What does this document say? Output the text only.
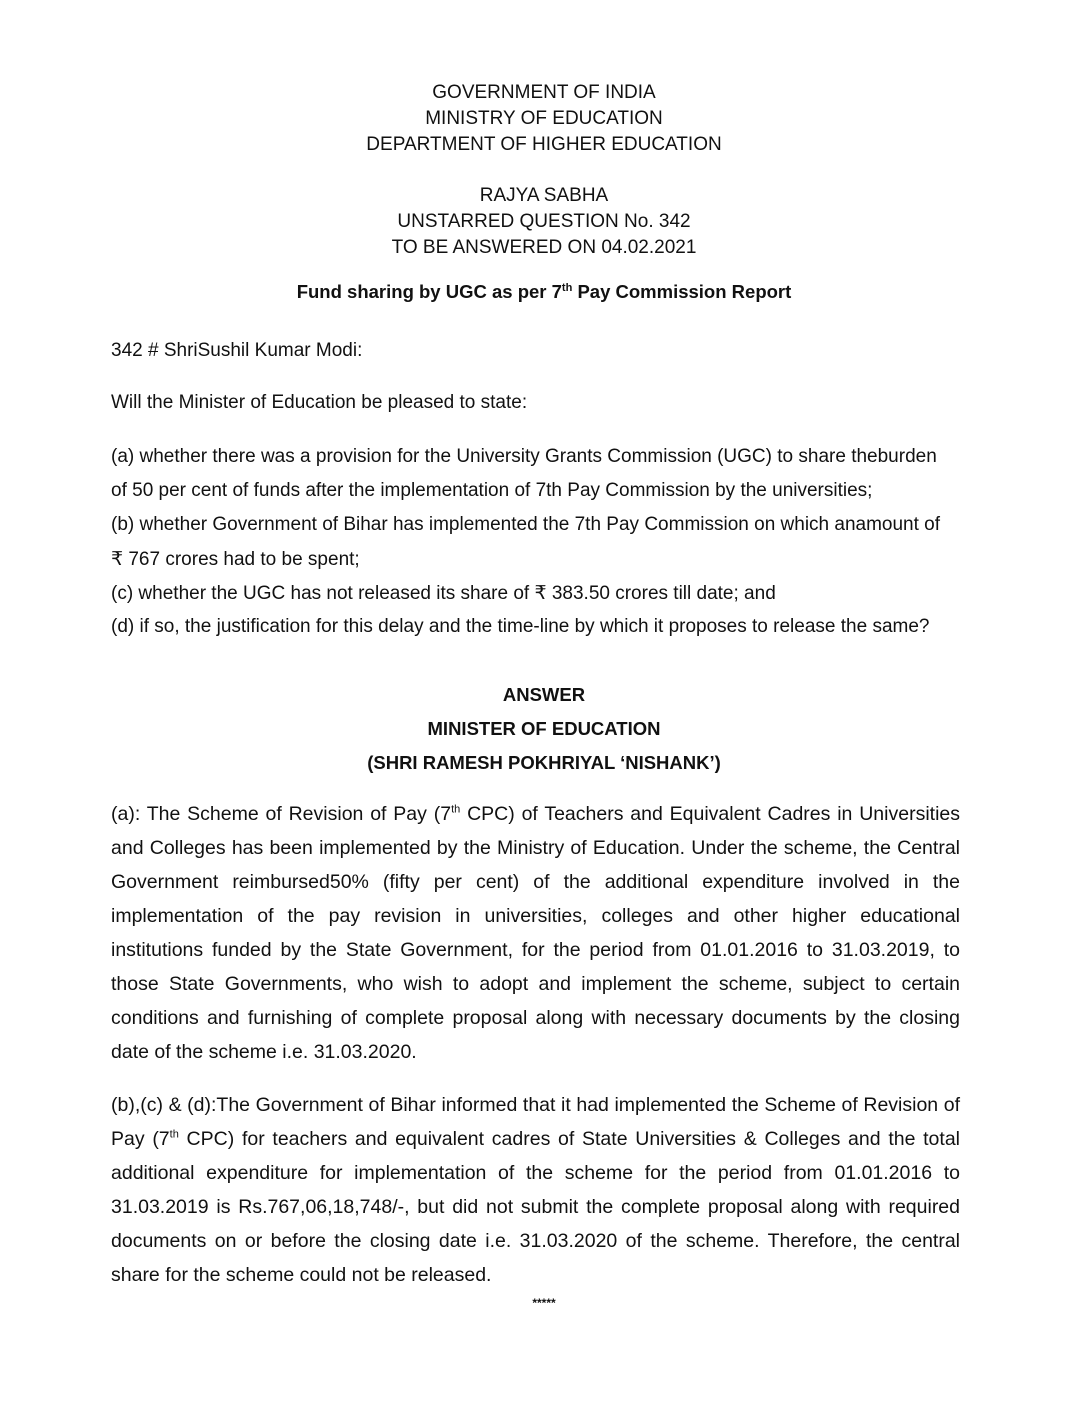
GOVERNMENT OF INDIA
MINISTRY OF EDUCATION
DEPARTMENT OF HIGHER EDUCATION
RAJYA SABHA
UNSTARRED QUESTION No. 342
TO BE ANSWERED ON 04.02.2021
Fund sharing by UGC as per 7th Pay Commission Report
342 # ShriSushil Kumar Modi:
Will the Minister of Education be pleased to state:
(a) whether there was a provision for the University Grants Commission (UGC) to share theburden
of 50 per cent of funds after the implementation of 7th Pay Commission by the universities;
(b) whether Government of Bihar has implemented the 7th Pay Commission on which anamount of
₹ 767 crores had to be spent;
(c) whether the UGC has not released its share of ₹ 383.50 crores till date; and
(d) if so, the justification for this delay and the time-line by which it proposes to release the same?
ANSWER
MINISTER OF EDUCATION
(SHRI RAMESH POKHRIYAL ‘NISHANK’)

(a): The Scheme of Revision of Pay (7th CPC) of Teachers and Equivalent Cadres in Universities and Colleges has been implemented by the Ministry of Education. Under the scheme, the Central Government reimbursed50% (fifty per cent) of the additional expenditure involved in the implementation of the pay revision in universities, colleges and other higher educational institutions funded by the State Government, for the period from 01.01.2016 to 31.03.2019, to those State Governments, who wish to adopt and implement the scheme, subject to certain conditions and furnishing of complete proposal along with necessary documents by the closing date of the scheme i.e. 31.03.2020.

(b),(c) & (d):The Government of Bihar informed that it had implemented the Scheme of Revision of Pay (7th CPC) for teachers and equivalent cadres of State Universities & Colleges and the total additional expenditure for implementation of the scheme for the period from 01.01.2016 to 31.03.2019 is Rs.767,06,18,748/-, but did not submit the complete proposal along with required documents on or before the closing date i.e. 31.03.2020 of the scheme. Therefore, the central share for the scheme could not be released.

*****
